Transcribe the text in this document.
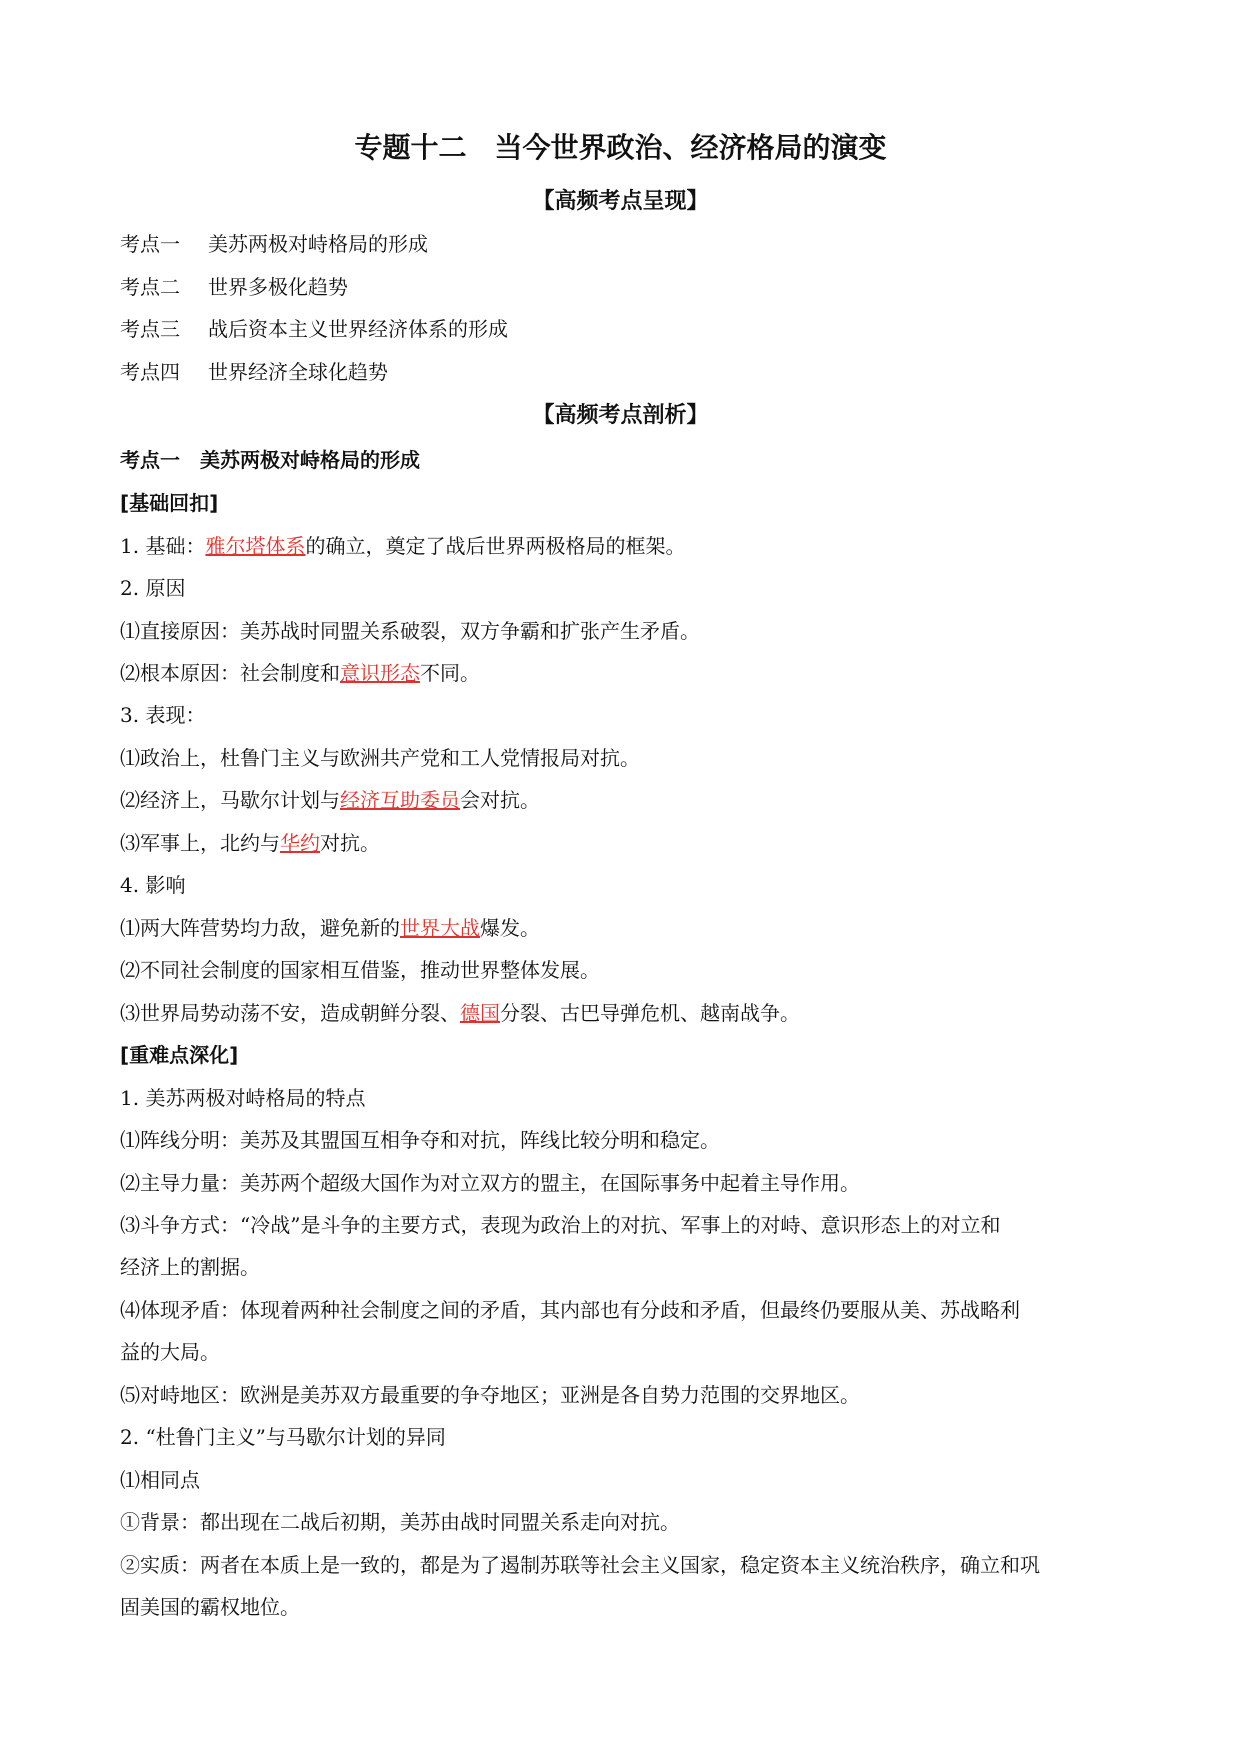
专题十二　当今世界政治、经济格局的演变
【高频考点呈现】
考点一 美苏两极对峙格局的形成
考点二 世界多极化趋势
考点三 战后资本主义世界经济体系的形成
考点四 世界经济全球化趋势
【高频考点剖析】
考点一　美苏两极对峙格局的形成
[基础回扣]
1. 基础：雅尔塔体系的确立，奠定了战后世界两极格局的框架。
2. 原因
⑴直接原因：美苏战时同盟关系破裂，双方争霸和扩张产生矛盾。
⑵根本原因：社会制度和意识形态不同。
3. 表现：
⑴政治上，杜鲁门主义与欧洲共产党和工人党情报局对抗。
⑵经济上，马歇尔计划与经济互助委员会对抗。
⑶军事上，北约与华约对抗。
4. 影响
⑴两大阵营势均力敌，避免新的世界大战爆发。
⑵不同社会制度的国家相互借鉴，推动世界整体发展。
⑶世界局势动荡不安，造成朝鲜分裂、德国分裂、古巴导弹危机、越南战争。
[重难点深化]
1. 美苏两极对峙格局的特点
⑴阵线分明：美苏及其盟国互相争夺和对抗，阵线比较分明和稳定。
⑵主导力量：美苏两个超级大国作为对立双方的盟主，在国际事务中起着主导作用。
⑶斗争方式：“冷战”是斗争的主要方式，表现为政治上的对抗、军事上的对峙、意识形态上的对立和
经济上的割据。
⑷体现矛盾：体现着两种社会制度之间的矛盾，其内部也有分歧和矛盾，但最终仍要服从美、苏战略利
益的大局。
⑸对峙地区：欧洲是美苏双方最重要的争夺地区；亚洲是各自势力范围的交界地区。
2. “杜鲁门主义”与马歇尔计划的异同
⑴相同点
①背景：都出现在二战后初期，美苏由战时同盟关系走向对抗。
②实质：两者在本质上是一致的，都是为了遏制苏联等社会主义国家，稳定资本主义统治秩序，确立和巩
固美国的霸权地位。
